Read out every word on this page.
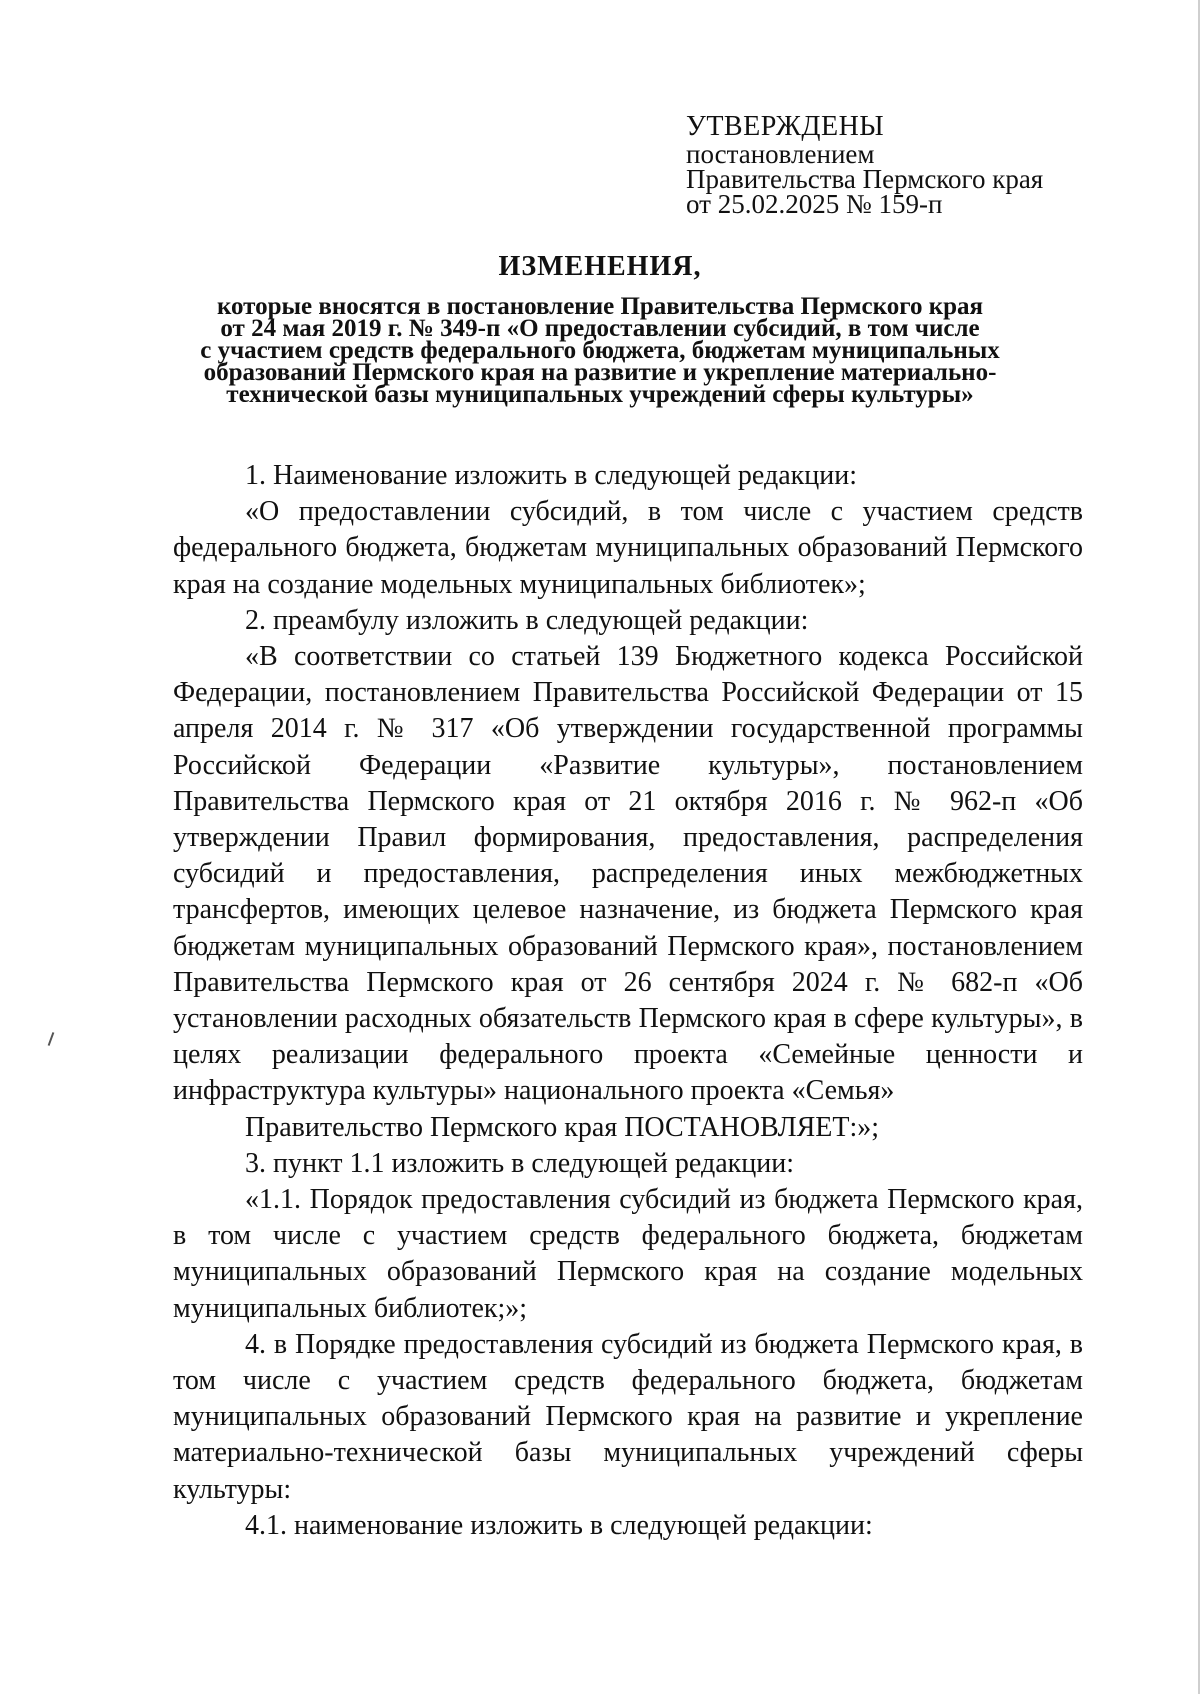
УТВЕРЖДЕНЫ
постановлением
Правительства Пермского края
от 25.02.2025 № 159-п
ИЗМЕНЕНИЯ,
которые вносятся в постановление Правительства Пермского края
от 24 мая 2019 г. № 349-п «О предоставлении субсидий, в том числе
с участием средств федерального бюджета, бюджетам муниципальных
образований Пермского края на развитие и укрепление материально-
технической базы муниципальных учреждений сферы культуры»

1. Наименование изложить в следующей редакции:

«О предоставлении субсидий, в том числе с участием средств федерального бюджета, бюджетам муниципальных образований Пермского края на создание модельных муниципальных библиотек»;

2. преамбулу изложить в следующей редакции:

«В соответствии со статьей 139 Бюджетного кодекса Российской Федерации, постановлением Правительства Российской Федерации от 15 апреля 2014 г. № 317 «Об утверждении государственной программы Российской Федерации «Развитие культуры», постановлением Правительства Пермского края от 21 октября 2016 г. № 962-п «Об утверждении Правил формирования, предоставления, распределения субсидий и предоставления, распределения иных межбюджетных трансфертов, имеющих целевое назначение, из бюджета Пермского края бюджетам муниципальных образований Пермского края», постановлением Правительства Пермского края от 26 сентября 2024 г. № 682-п «Об установлении расходных обязательств Пермского края в сфере культуры», в целях реализации федерального проекта «Семейные ценности и инфраструктура культуры» национального проекта «Семья»

Правительство Пермского края ПОСТАНОВЛЯЕТ:»;

3. пункт 1.1 изложить в следующей редакции:

«1.1. Порядок предоставления субсидий из бюджета Пермского края, в том числе с участием средств федерального бюджета, бюджетам муниципальных образований Пермского края на создание модельных муниципальных библиотек;»;

4. в Порядке предоставления субсидий из бюджета Пермского края, в том числе с участием средств федерального бюджета, бюджетам муниципальных образований Пермского края на развитие и укрепление материально-технической базы муниципальных учреждений сферы культуры:

4.1. наименование изложить в следующей редакции:
